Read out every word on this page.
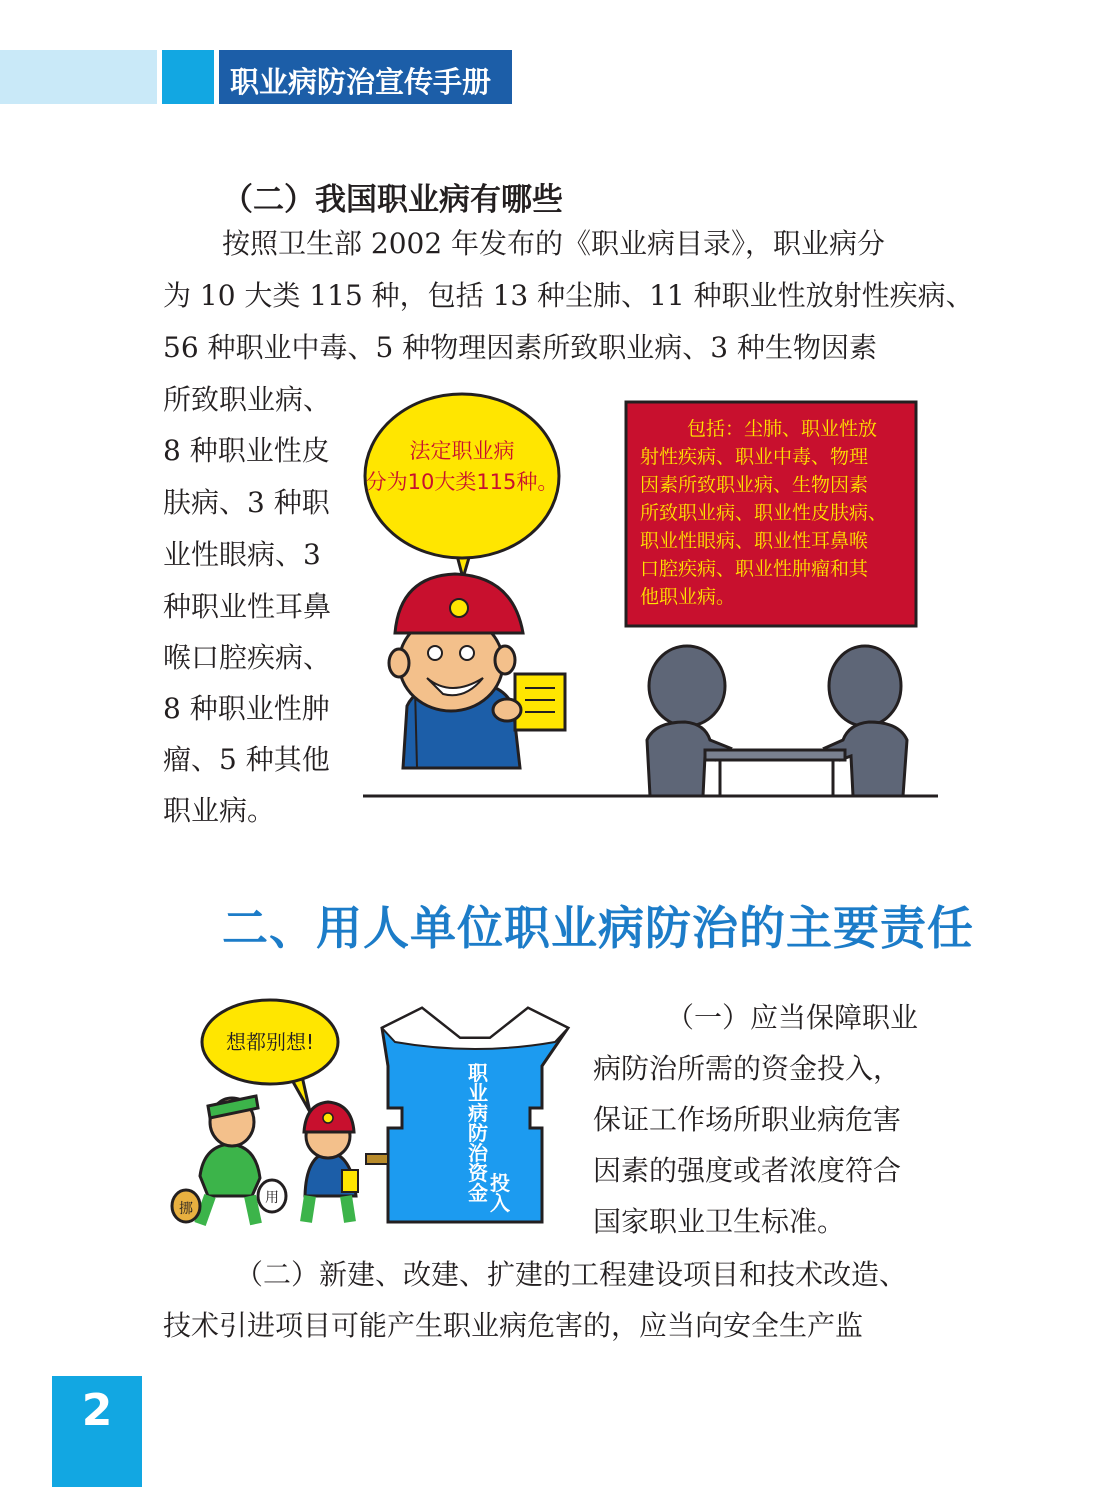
职业病防治宣传手册
（二）我国职业病有哪些
按照卫生部 2002 年发布的《职业病目录》，职业病分
为 10 大类 115 种，包括 13 种尘肺、11 种职业性放射性疾病、
56 种职业中毒、5 种物理因素所致职业病、3 种生物因素
所致职业病、
8 种职业性皮
肤病、3 种职
业性眼病、3
种职业性耳鼻
喉口腔疾病、
8 种职业性肿
瘤、5 种其他
职业病。
法定职业病
分为10大类115种。
包括：尘肺、职业性放
射性疾病、职业中毒、物理
因素所致职业病、生物因素
所致职业病、职业性皮肤病、
职业性眼病、职业性耳鼻喉
口腔疾病、职业性肿瘤和其
他职业病。
二、用人单位职业病防治的主要责任
想都别想!
职
业
病
防
治
资
金 投
入
挪
用
（一）应当保障职业
病防治所需的资金投入，
保证工作场所职业病危害
因素的强度或者浓度符合
国家职业卫生标准。
（二）新建、改建、扩建的工程建设项目和技术改造、
技术引进项目可能产生职业病危害的，应当向安全生产监
2
